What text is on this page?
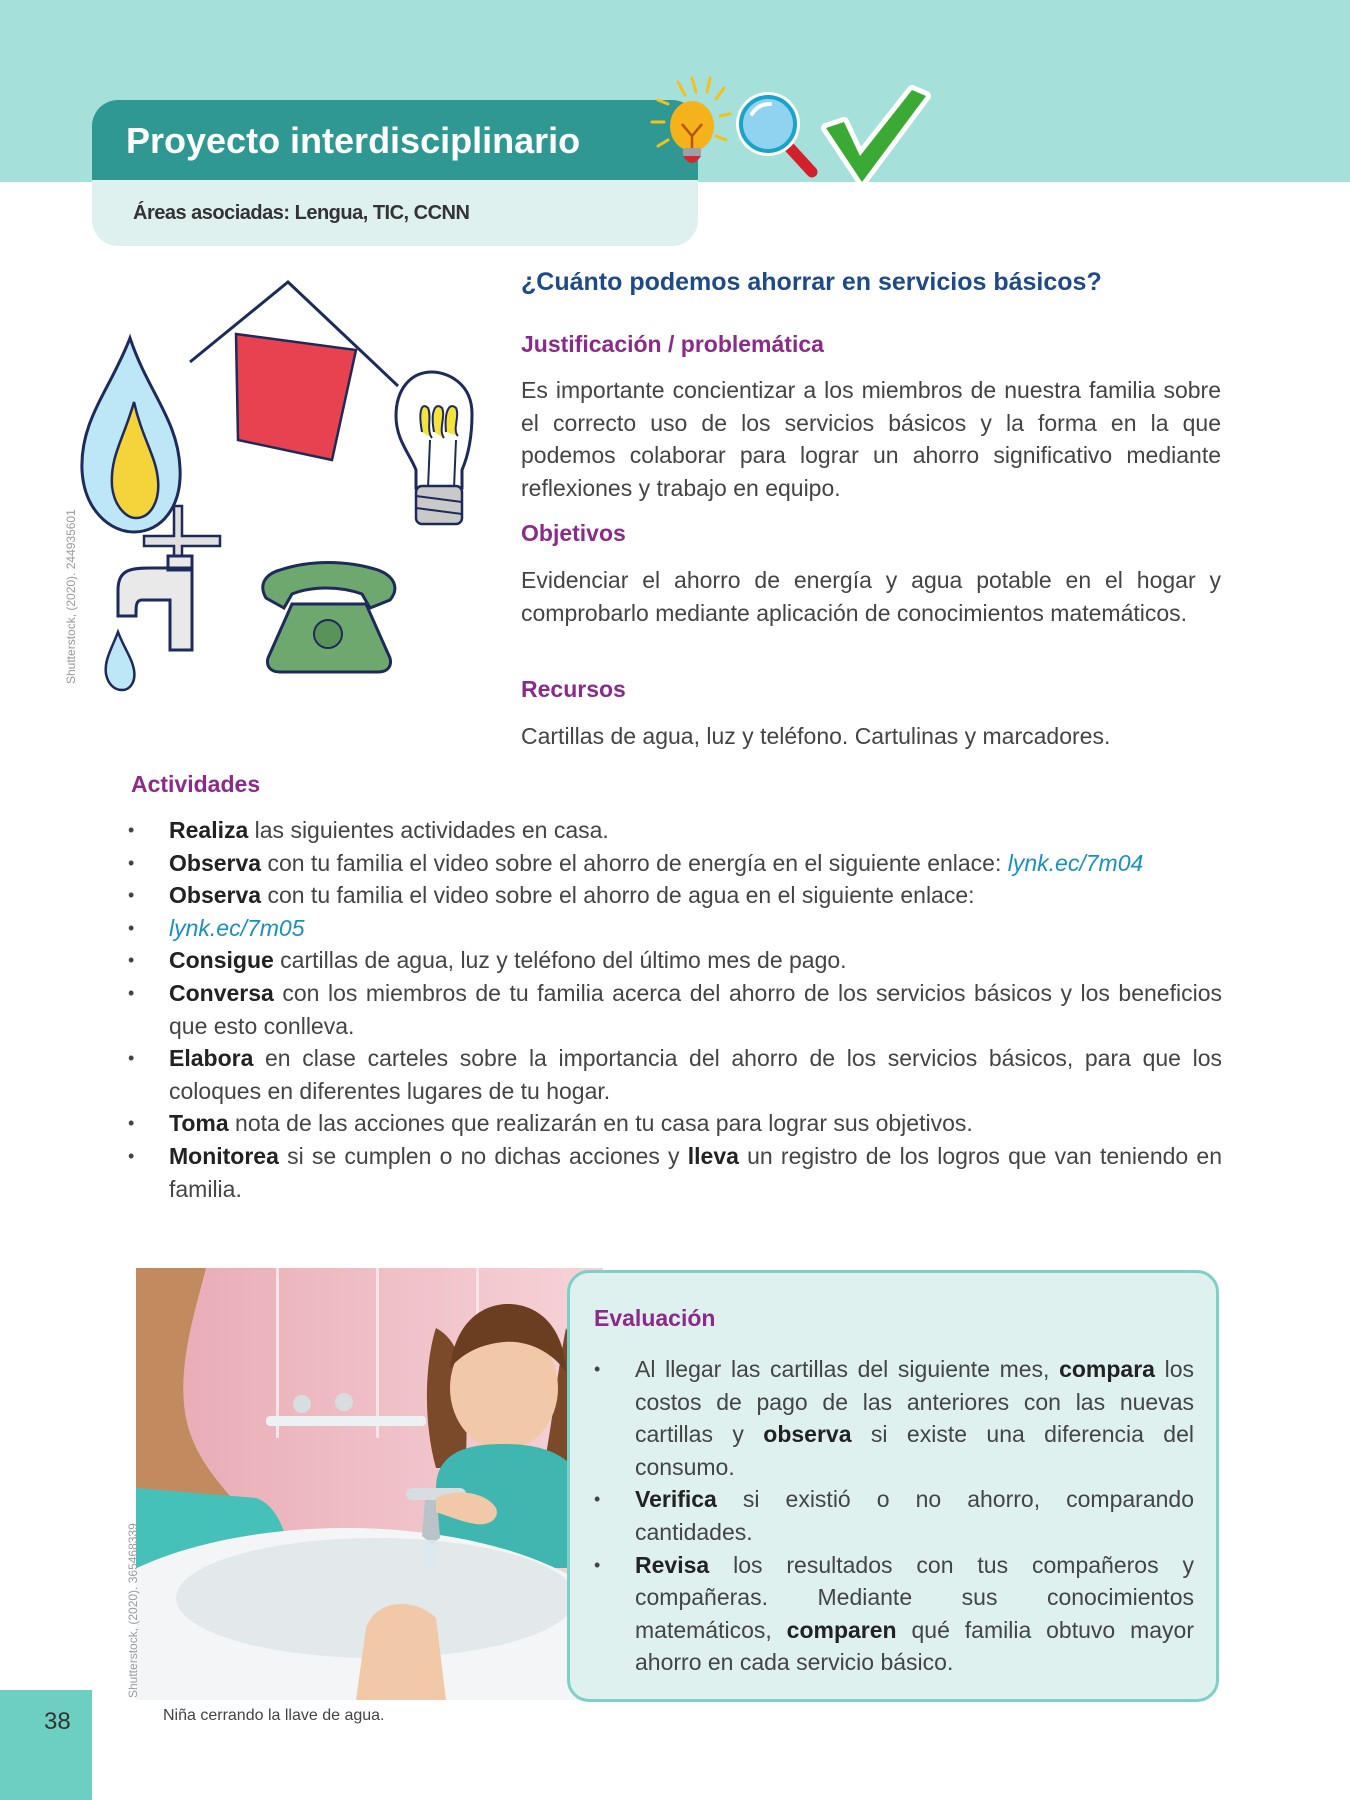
Proyecto interdisciplinario
Áreas asociadas: Lengua, TIC, CCNN
Shutterstock, (2020). 244935601
¿Cuánto podemos ahorrar en servicios básicos?
Justificación / problemática
Es importante concientizar a los miembros de nuestra familia sobre el correcto uso de los servicios básicos y la forma en la que podemos colaborar para lograr un ahorro significativo mediante reflexiones y trabajo en equipo.
Objetivos
Evidenciar el ahorro de energía y agua potable en el hogar y comprobarlo mediante aplicación de conocimientos matemáticos.
Recursos
Cartillas de agua, luz y teléfono. Cartulinas y marcadores.
Actividades
• Realiza las siguientes actividades en casa.
• Observa con tu familia el video sobre el ahorro de energía en el siguiente enlace: lynk.ec/7m04
• Observa con tu familia el video sobre el ahorro de agua en el siguiente enlace:
• lynk.ec/7m05
• Consigue cartillas de agua, luz y teléfono del último mes de pago.
• Conversa con los miembros de tu familia acerca del ahorro de los servicios básicos y los beneficios que esto conlleva.
• Elabora en clase carteles sobre la importancia del ahorro de los servicios básicos, para que los coloques en diferentes lugares de tu hogar.
• Toma nota de las acciones que realizarán en tu casa para lograr sus objetivos.
• Monitorea si se cumplen o no dichas acciones y lleva un registro de los logros que van teniendo en familia.
Shutterstock, (2020). 365468339
Evaluación
• Al llegar las cartillas del siguiente mes, compara los costos de pago de las anteriores con las nuevas cartillas y observa si existe una diferencia del consumo.
• Verifica si existió o no ahorro, comparando cantidades.
• Revisa los resultados con tus compañeros y compañeras. Mediante sus conocimientos matemáticos, comparen qué familia obtuvo mayor ahorro en cada servicio básico.
Niña cerrando la llave de agua.
38
